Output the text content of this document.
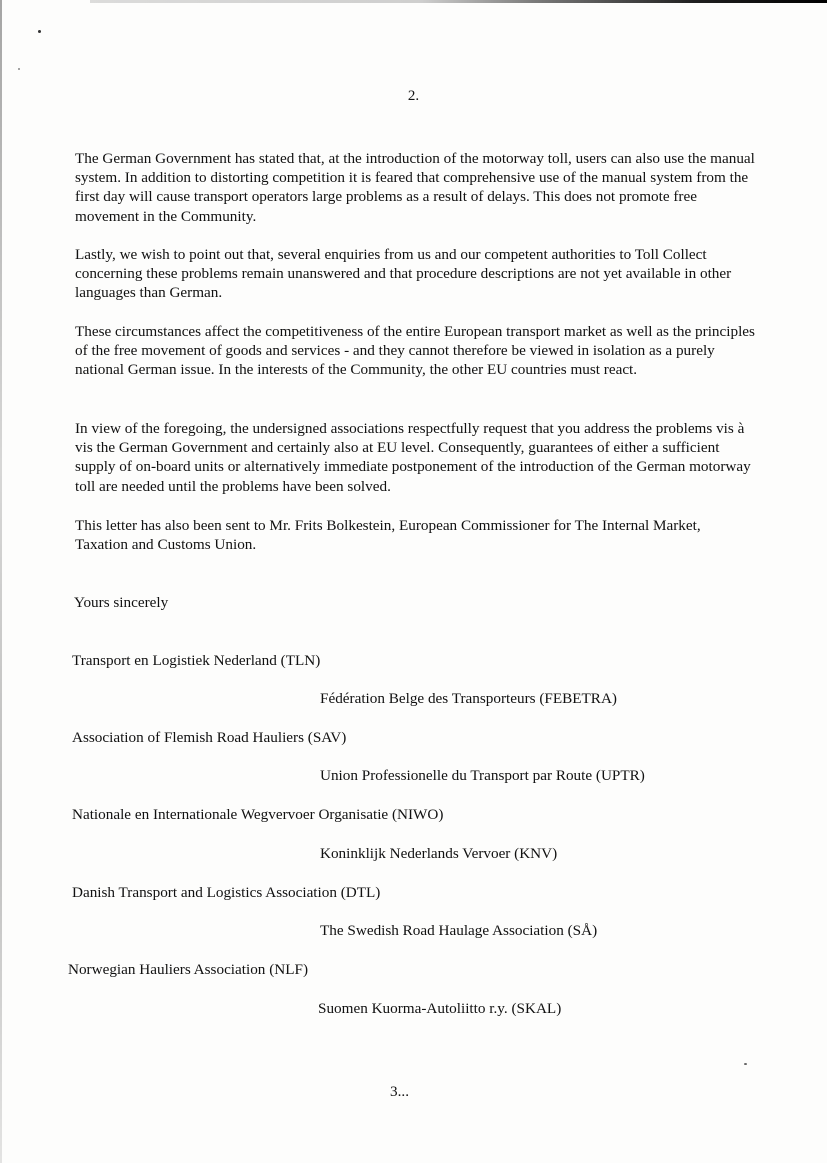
2.

The German Government has stated that, at the introduction of the motorway toll, users can also use the manual system. In addition to distorting competition it is feared that comprehensive use of the manual system from the first day will cause transport operators large problems as a result of delays. This does not promote free movement in the Community.

Lastly, we wish to point out that, several enquiries from us and our competent authorities to Toll Collect concerning these problems remain unanswered and that procedure descriptions are not yet available in other languages than German.

These circumstances affect the competitiveness of the entire European transport market as well as the principles of the free movement of goods and services - and they cannot therefore be viewed in isolation as a purely national German issue. In the interests of the Community, the other EU countries must react.

In view of the foregoing, the undersigned associations respectfully request that you address the problems vis à vis the German Government and certainly also at EU level. Consequently, guarantees of either a sufficient supply of on-board units or alternatively immediate postponement of the introduction of the German motorway toll are needed until the problems have been solved.

This letter has also been sent to Mr. Frits Bolkestein, European Commissioner for The Internal Market, Taxation and Customs Union.

Yours sincerely
Transport en Logistiek Nederland (TLN)
Fédération Belge des Transporteurs (FEBETRA)
Association of Flemish Road Hauliers (SAV)
Union Professionelle du Transport par Route (UPTR)
Nationale en Internationale Wegvervoer Organisatie (NIWO)
Koninklijk Nederlands Vervoer (KNV)
Danish Transport and Logistics Association (DTL)
The Swedish Road Haulage Association (SÅ)
Norwegian Hauliers Association (NLF)
Suomen Kuorma-Autoliitto r.y. (SKAL)
3...
